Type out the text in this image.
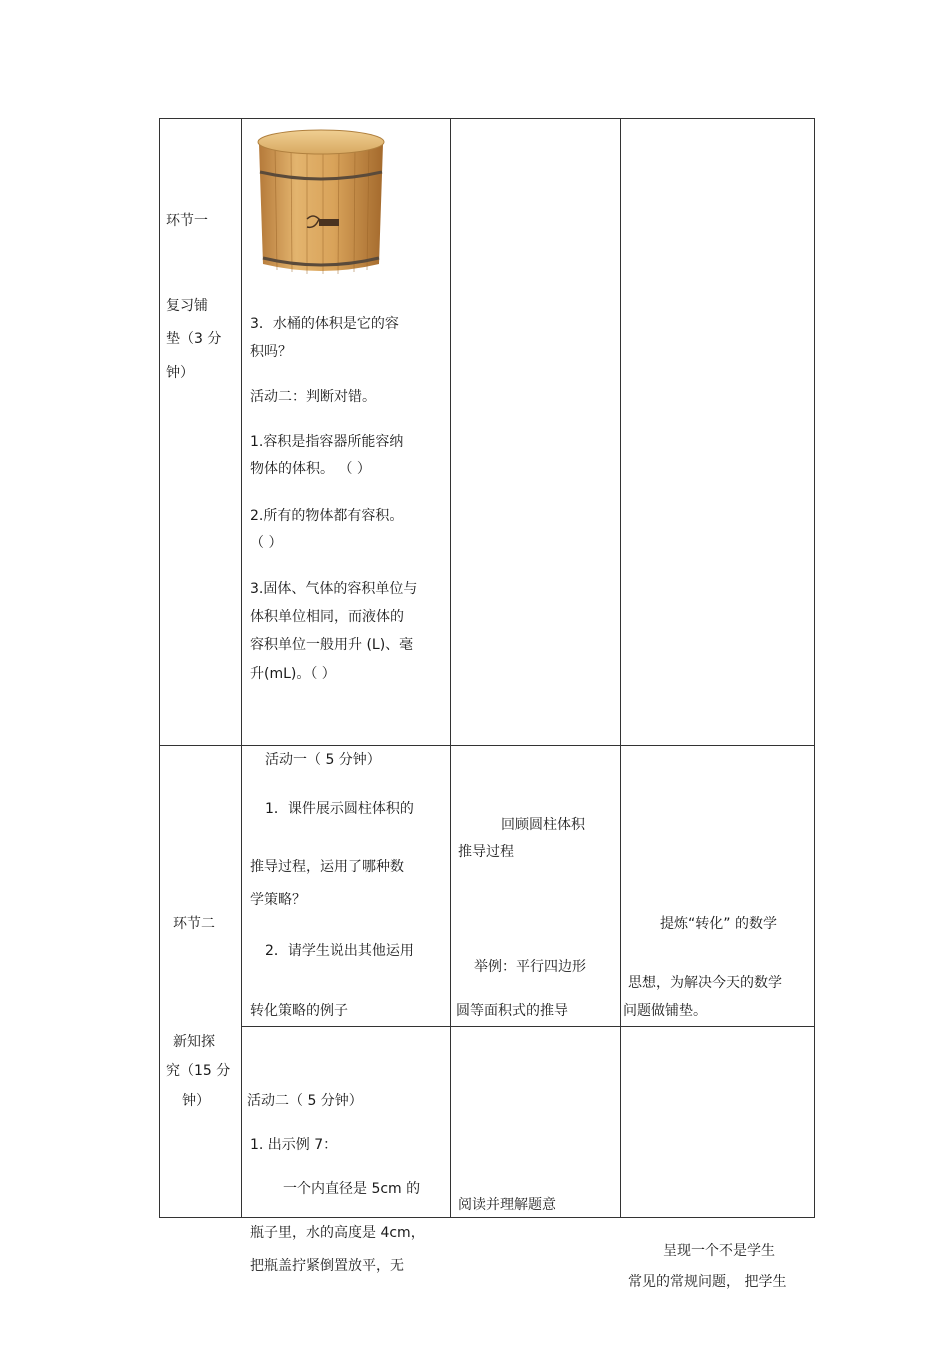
环节一
复习铺
垫（3 分
钟）
3．水桶的体积是它的容
积吗？
活动二：判断对错。
1.容积是指容器所能容纳
物体的体积。 （ ）
2.所有的物体都有容积。
（ ）
3.固体、气体的容积单位与
体积单位相同，而液体的
容积单位一般用升 (L)、毫
升(mL)。（ ）
环节二
新知探
究（15 分
钟）
活动一（ 5 分钟）
1．课件展示圆柱体积的
推导过程，运用了哪种数
学策略？
2．请学生说出其他运用
转化策略的例子
回顾圆柱体积
推导过程
举例：平行四边形
圆等面积式的推导
提炼“转化” 的数学
思想，为解决今天的数学
问题做铺垫。
活动二（ 5 分钟）
1. 出示例 7：
一个内直径是 5cm 的
瓶子里，水的高度是 4cm，
把瓶盖拧紧倒置放平，无
阅读并理解题意
呈现一个不是学生
常见的常规问题， 把学生
